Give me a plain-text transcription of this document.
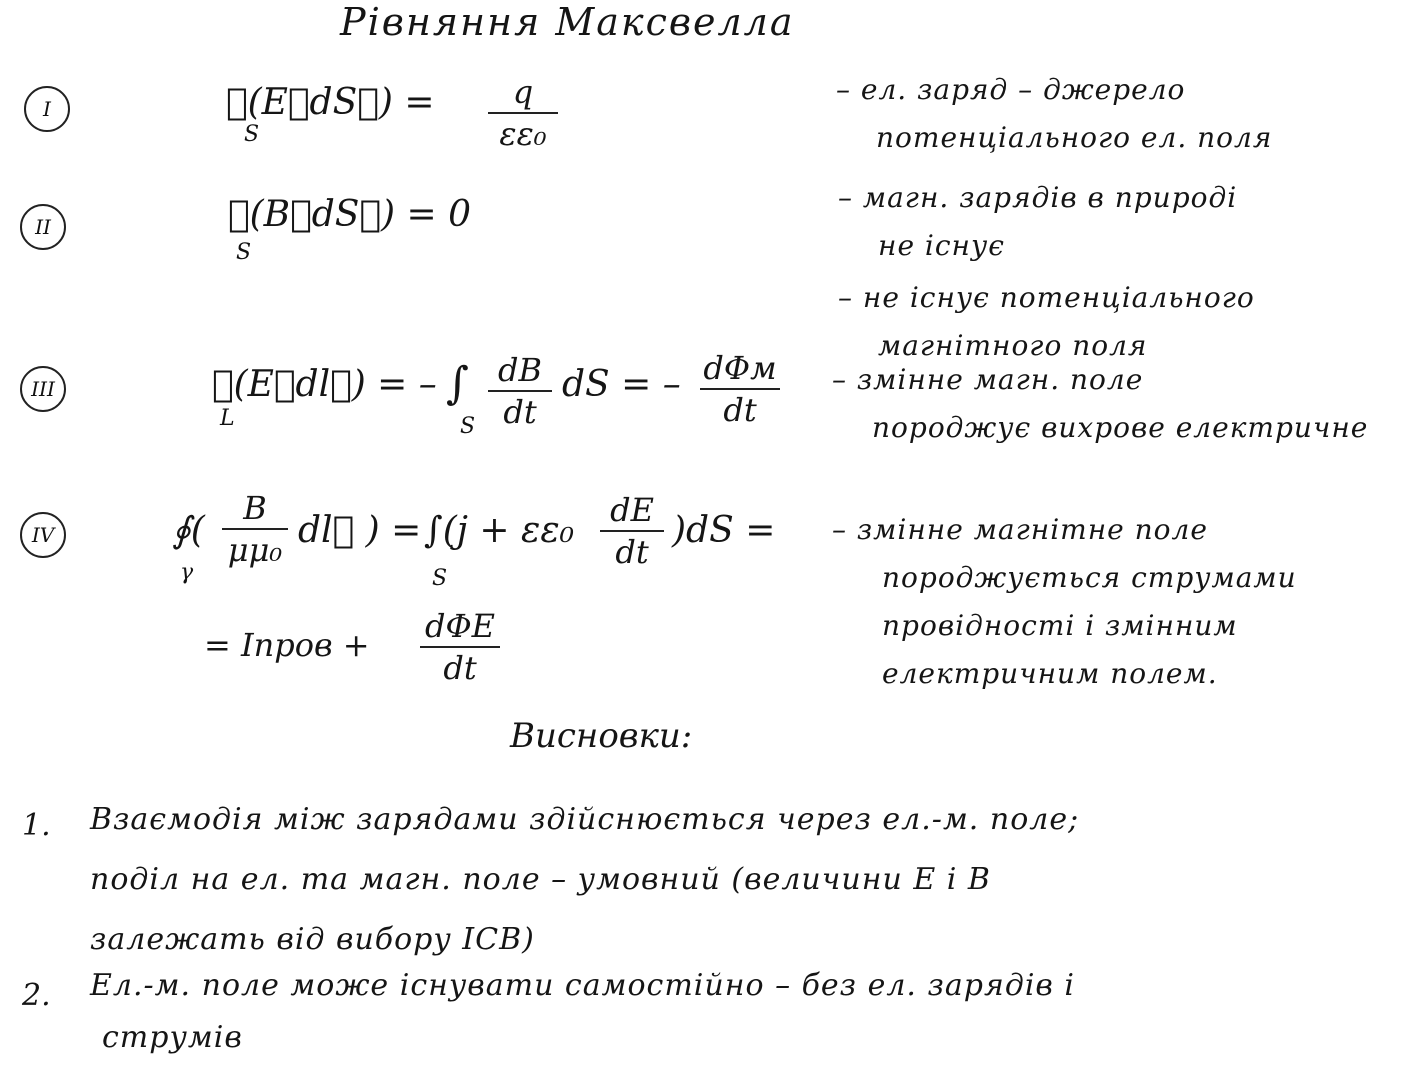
Рівняння Максвелла
I	∮(E⃗dS⃗) =
S
q
εε₀
– ел. заряд – джерело
потенціального ел. поля
II	∮(B⃗dS⃗) = 0
S
– магн. зарядів в природі
не існує
– не існує потенціального
магнітного поля
III	∮(E⃗dl⃗) = –
L
∫
S
dB
dt
dS = – dΦм
dt
– змінне магн. поле
породжує вихрове електричне
IV	∮(
γ
B
μμ₀ dl⃗ ) = ∫(j + εε₀
S
dE
dt
)dS =
= Iпров + dΦE
dt
– змінне магнітне поле
породжується струмами
провідності і змінним
електричним полем.
Висновки:
1. Взаємодія між зарядами здійснюється через ел.-м. поле;
поділ на ел. та магн. поле – умовний (величини E і B
залежать від вибору ІСВ)
2. Ел.-м. поле може існувати самостійно – без ел. зарядів і
струмів
